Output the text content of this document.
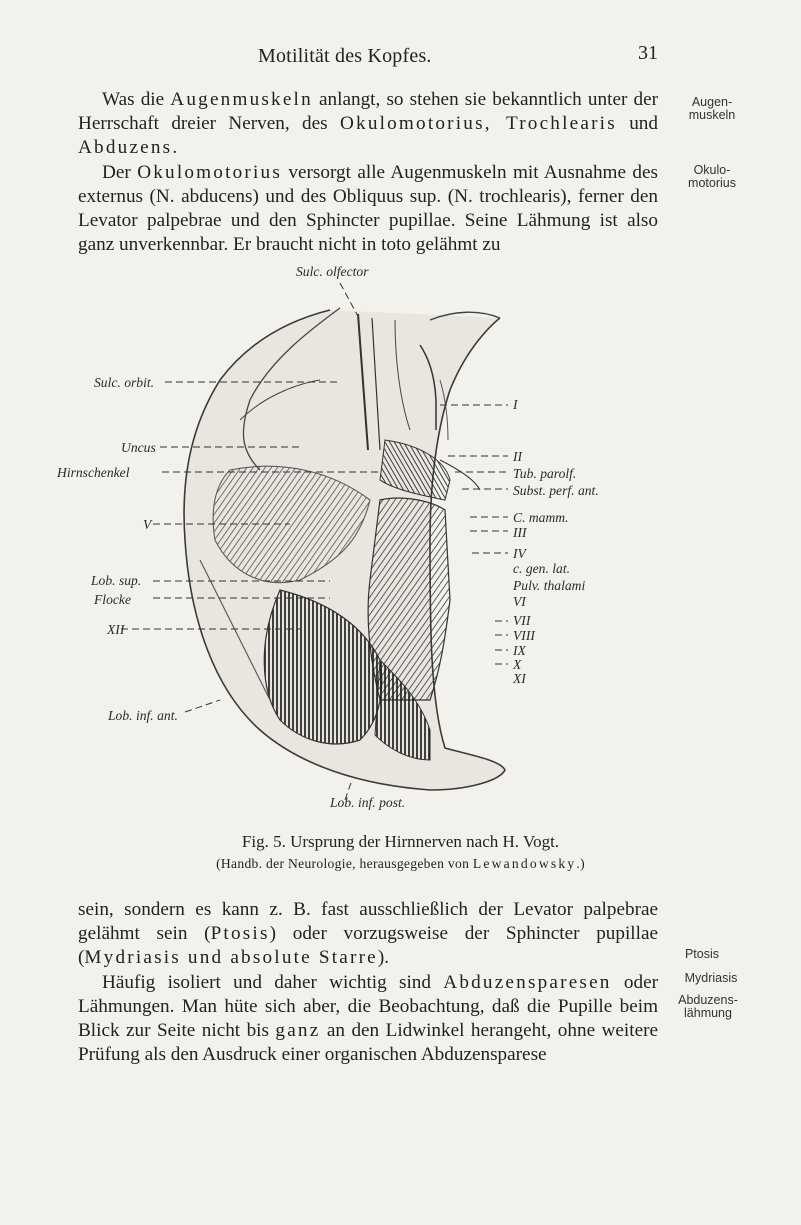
Motilität des Kopfes.	31

Was die Augenmuskeln anlangt, so stehen sie bekanntlich unter der Herrschaft dreier Nerven, des Okulomotorius, Trochlearis und Abduzens.

Der Okulomotorius versorgt alle Augenmuskeln mit Ausnahme des externus (N. abducens) und des Obliquus sup. (N. trochlearis), ferner den Levator palpebrae und den Sphincter pupillae. Seine Lähmung ist also ganz unverkennbar. Er braucht nicht in toto gelähmt zu

Augen-
muskeln
Okulo-
motorius
Sulc. olfector
Sulc. orbit.
Uncus
Hirnschenkel
V
Lob. sup.
Flocke
XII
Lob. inf. ant.
I
II
Tub. parolf.
Subst. perf. ant.
C. mamm.
III
IV
c. gen. lat.
Pulv. thalami
VI
VII
VIII
IX
X
XI
Lob. inf. post.
Fig. 5. Ursprung der Hirnnerven nach H. Vogt.
(Handb. der Neurologie, herausgegeben von Lewandowsky.)

sein, sondern es kann z. B. fast ausschließlich der Levator palpebrae gelähmt sein (Ptosis) oder vorzugsweise der Sphincter pupillae (Mydriasis und absolute Starre).

Häufig isoliert und daher wichtig sind Abduzensparesen oder Lähmungen. Man hüte sich aber, die Beobachtung, daß die Pupille beim Blick zur Seite nicht bis ganz an den Lidwinkel herangeht, ohne weitere Prüfung als den Ausdruck einer organischen Abduzensparese

Ptosis
Mydriasis
Abduzens-
lähmung
